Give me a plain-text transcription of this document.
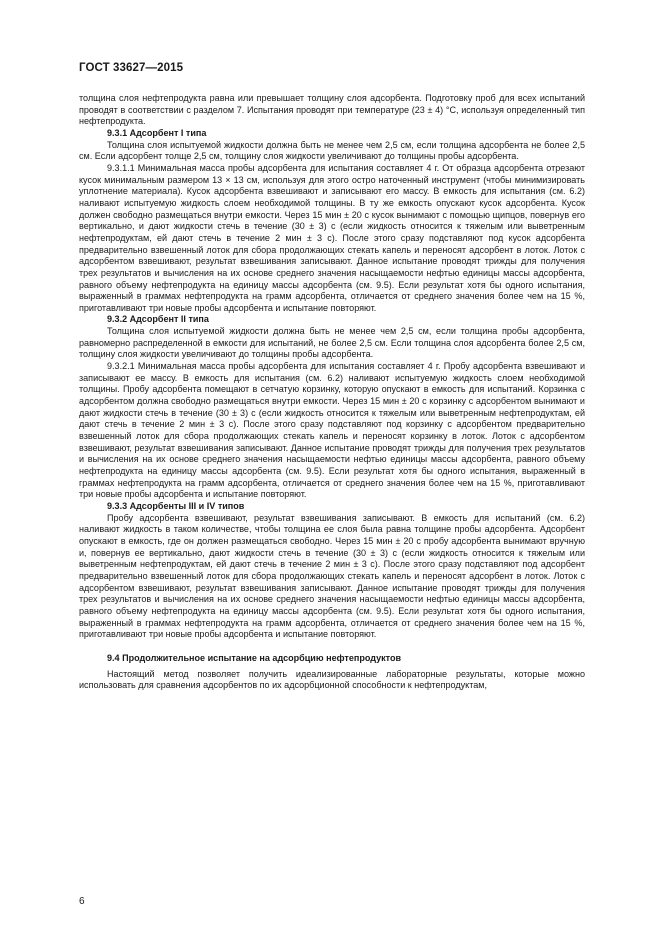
ГОСТ 33627—2015

толщина слоя нефтепродукта равна или превышает толщину слоя адсорбента. Подготовку проб для всех испытаний проводят в соответствии с разделом 7. Испытания проводят при температуре (23 ± 4) °С, используя определенный тип нефтепродукта.

9.3.1 Адсорбент I типа

Толщина слоя испытуемой жидкости должна быть не менее чем 2,5 см, если толщина адсорбента не более 2,5 см. Если адсорбент толще 2,5 см, толщину слоя жидкости увеличивают до толщины пробы адсорбента.

9.3.1.1 Минимальная масса пробы адсорбента для испытания составляет 4 г. От образца адсорбента отрезают кусок минимальным размером 13 × 13 см, используя для этого остро наточенный инструмент (чтобы минимизировать уплотнение материала). Кусок адсорбента взвешивают и записывают его массу. В емкость для испытания (см. 6.2) наливают испытуемую жидкость слоем необходимой толщины. В ту же емкость опускают кусок адсорбента. Кусок должен свободно размещаться внутри емкости. Через 15 мин ± 20 с кусок вынимают с помощью щипцов, повернув его вертикально, и дают жидкости стечь в течение (30 ± 3) с (если жидкость относится к тяжелым или выветренным нефтепродуктам, ей дают стечь в течение 2 мин ± 3 с). После этого сразу подставляют под кусок адсорбента предварительно взвешенный лоток для сбора продолжающих стекать капель и переносят адсорбент в лоток. Лоток с адсорбентом взвешивают, результат взвешивания записывают. Данное испытание проводят трижды для получения трех результатов и вычисления на их основе среднего значения насыщаемости нефтью единицы массы адсорбента, равного объему нефтепродукта на единицу массы адсорбента (см. 9.5). Если результат хотя бы одного испытания, выраженный в граммах нефтепродукта на грамм адсорбента, отличается от среднего значения более чем на 15 %, приготавливают три новые пробы адсорбента и испытание повторяют.

9.3.2 Адсорбент II типа

Толщина слоя испытуемой жидкости должна быть не менее чем 2,5 см, если толщина пробы адсорбента, равномерно распределенной в емкости для испытаний, не более 2,5 см. Если толщина слоя адсорбента более 2,5 см, толщину слоя жидкости увеличивают до толщины пробы адсорбента.

9.3.2.1 Минимальная масса пробы адсорбента для испытания составляет 4 г. Пробу адсорбента взвешивают и записывают ее массу. В емкость для испытания (см. 6.2) наливают испытуемую жидкость слоем необходимой толщины. Пробу адсорбента помещают в сетчатую корзинку, которую опускают в емкость для испытаний. Корзинка с адсорбентом должна свободно размещаться внутри емкости. Через 15 мин ± 20 с корзинку с адсорбентом вынимают и дают жидкости стечь в течение (30 ± 3) с (если жидкость относится к тяжелым или выветренным нефтепродуктам, ей дают стечь в течение 2 мин ± 3 с). После этого сразу подставляют под корзинку с адсорбентом предварительно взвешенный лоток для сбора продолжающих стекать капель и переносят корзинку в лоток. Лоток с адсорбентом взвешивают, результат взвешивания записывают. Данное испытание проводят трижды для получения трех результатов и вычисления на их основе среднего значения насыщаемости нефтью единицы массы адсорбента, равного объему нефтепродукта на единицу массы адсорбента (см. 9.5). Если результат хотя бы одного испытания, выраженный в граммах нефтепродукта на грамм адсорбента, отличается от среднего значения более чем на 15 %, приготавливают три новые пробы адсорбента и испытание повторяют.

9.3.3 Адсорбенты III и IV типов

Пробу адсорбента взвешивают, результат взвешивания записывают. В емкость для испытаний (см. 6.2) наливают жидкость в таком количестве, чтобы толщина ее слоя была равна толщине пробы адсорбента. Адсорбент опускают в емкость, где он должен размещаться свободно. Через 15 мин ± 20 с пробу адсорбента вынимают вручную и, повернув ее вертикально, дают жидкости стечь в течение (30 ± 3) с (если жидкость относится к тяжелым или выветренным нефтепродуктам, ей дают стечь в течение 2 мин ± 3 с). После этого сразу подставляют под адсорбент предварительно взвешенный лоток для сбора продолжающих стекать капель и переносят адсорбент в лоток. Лоток с адсорбентом взвешивают, результат взвешивания записывают. Данное испытание проводят трижды для получения трех результатов и вычисления на их основе среднего значения насыщаемости нефтью единицы массы адсорбента, равного объему нефтепродукта на единицу массы адсорбента (см. 9.5). Если результат хотя бы одного испытания, выраженный в граммах нефтепродукта на грамм адсорбента, отличается от среднего значения более чем на 15 %, приготавливают три новые пробы адсорбента и испытание повторяют.

9.4 Продолжительное испытание на адсорбцию нефтепродуктов

Настоящий метод позволяет получить идеализированные лабораторные результаты, которые можно использовать для сравнения адсорбентов по их адсорбционной способности к нефтепродуктам,

6
